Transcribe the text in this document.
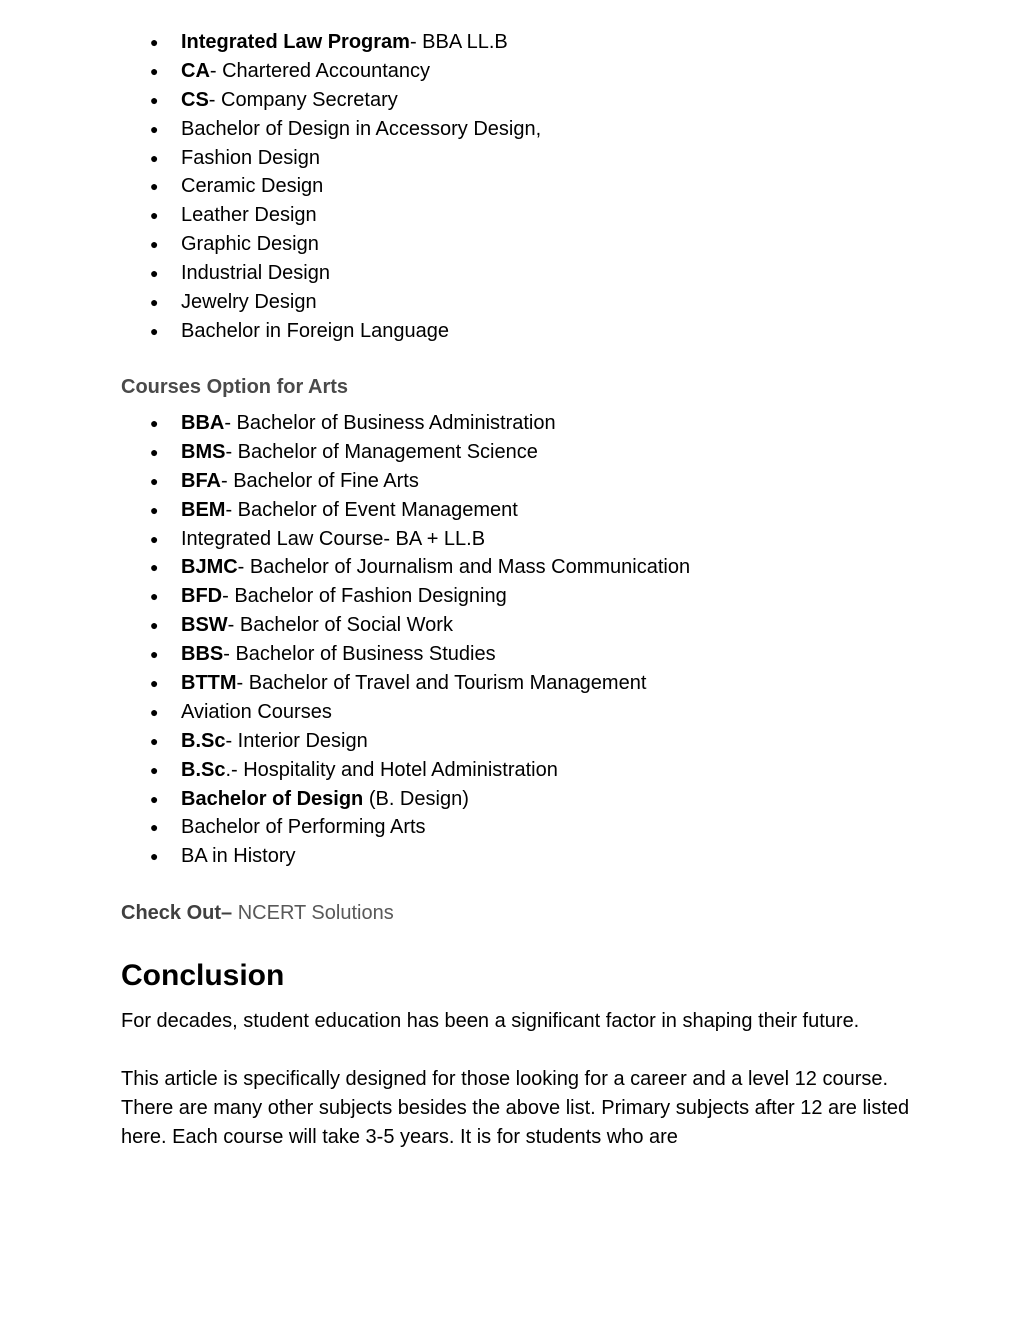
●	Integrated Law Program- BBA LL.B
●	CA- Chartered Accountancy
●	CS- Company Secretary
●	Bachelor of Design in Accessory Design,
●	Fashion Design
●	Ceramic Design
●	Leather Design
●	Graphic Design
●	Industrial Design
●	Jewelry Design
●	Bachelor in Foreign Language
Courses Option for Arts
●	BBA- Bachelor of Business Administration
●	BMS- Bachelor of Management Science
●	BFA- Bachelor of Fine Arts
●	BEM- Bachelor of Event Management
●	Integrated Law Course- BA + LL.B
●	BJMC- Bachelor of Journalism and Mass Communication
●	BFD- Bachelor of Fashion Designing
●	BSW- Bachelor of Social Work
●	BBS- Bachelor of Business Studies
●	BTTM- Bachelor of Travel and Tourism Management
●	Aviation Courses
●	B.Sc- Interior Design
●	B.Sc.- Hospitality and Hotel Administration
●	Bachelor of Design (B. Design)
●	Bachelor of Performing Arts
●	BA in History
Check Out– NCERT Solutions
Conclusion
For decades, student education has been a significant factor in shaping their future.
This article is specifically designed for those looking for a career and a level 12 course. There are many other subjects besides the above list. Primary subjects after 12 are listed here. Each course will take 3-5 years. It is for students who are
